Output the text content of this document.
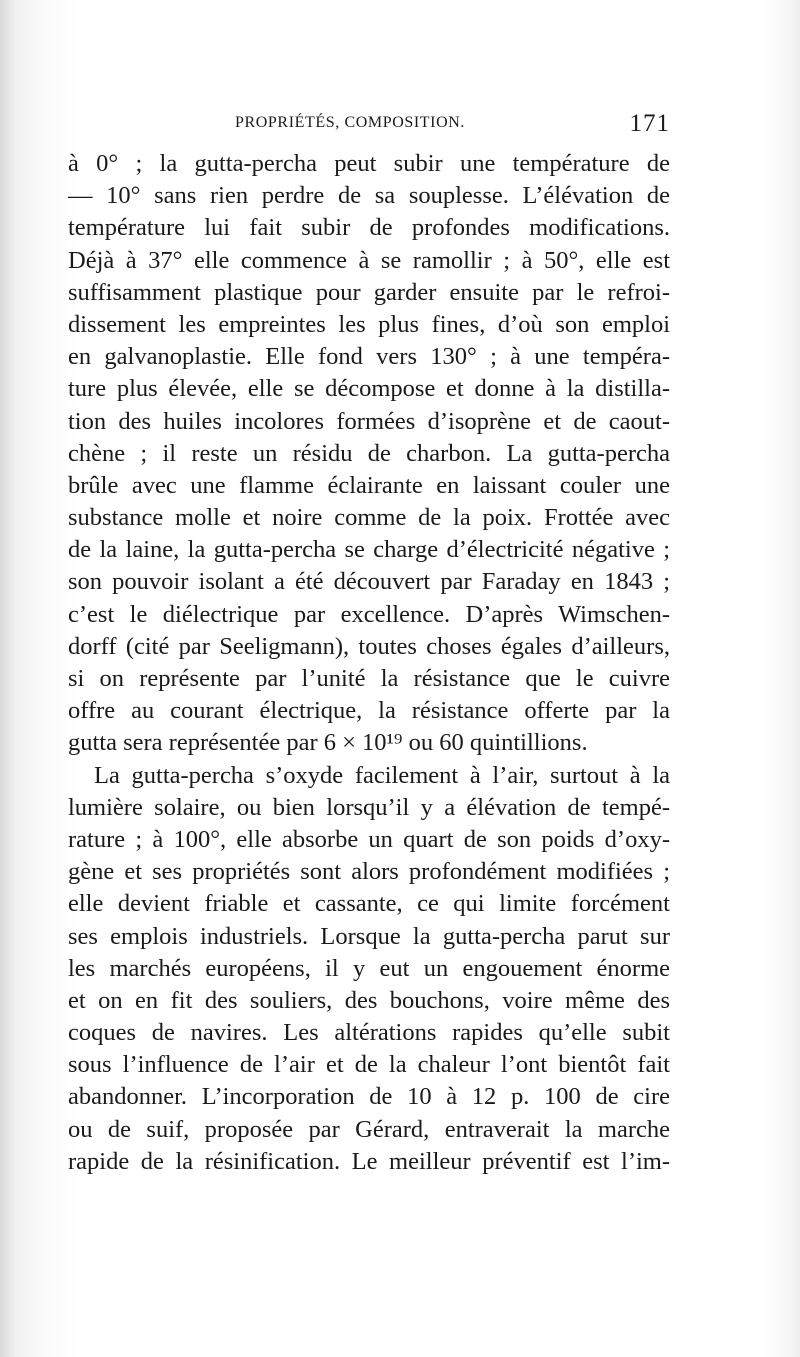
PROPRIÉTÉS, COMPOSITION.	171
à 0° ; la gutta-percha peut subir une température de
— 10° sans rien perdre de sa souplesse. L’élévation de
température lui fait subir de profondes modifications.
Déjà à 37° elle commence à se ramollir ; à 50°, elle est
suffisamment plastique pour garder ensuite par le refroi-
dissement les empreintes les plus fines, d’où son emploi
en galvanoplastie. Elle fond vers 130° ; à une tempéra-
ture plus élevée, elle se décompose et donne à la distilla-
tion des huiles incolores formées d’isoprène et de caout-
chène ; il reste un résidu de charbon. La gutta-percha
brûle avec une flamme éclairante en laissant couler une
substance molle et noire comme de la poix. Frottée avec
de la laine, la gutta-percha se charge d’électricité négative ;
son pouvoir isolant a été découvert par Faraday en 1843 ;
c’est le diélectrique par excellence. D’après Wimschen-
dorff (cité par Seeligmann), toutes choses égales d’ailleurs,
si on représente par l’unité la résistance que le cuivre
offre au courant électrique, la résistance offerte par la
gutta sera représentée par 6 × 10¹⁹ ou 60 quintillions.
La gutta-percha s’oxyde facilement à l’air, surtout à la
lumière solaire, ou bien lorsqu’il y a élévation de tempé-
rature ; à 100°, elle absorbe un quart de son poids d’oxy-
gène et ses propriétés sont alors profondément modifiées ;
elle devient friable et cassante, ce qui limite forcément
ses emplois industriels. Lorsque la gutta-percha parut sur
les marchés européens, il y eut un engouement énorme
et on en fit des souliers, des bouchons, voire même des
coques de navires. Les altérations rapides qu’elle subit
sous l’influence de l’air et de la chaleur l’ont bientôt fait
abandonner. L’incorporation de 10 à 12 p. 100 de cire
ou de suif, proposée par Gérard, entraverait la marche
rapide de la résinification. Le meilleur préventif est l’im-
